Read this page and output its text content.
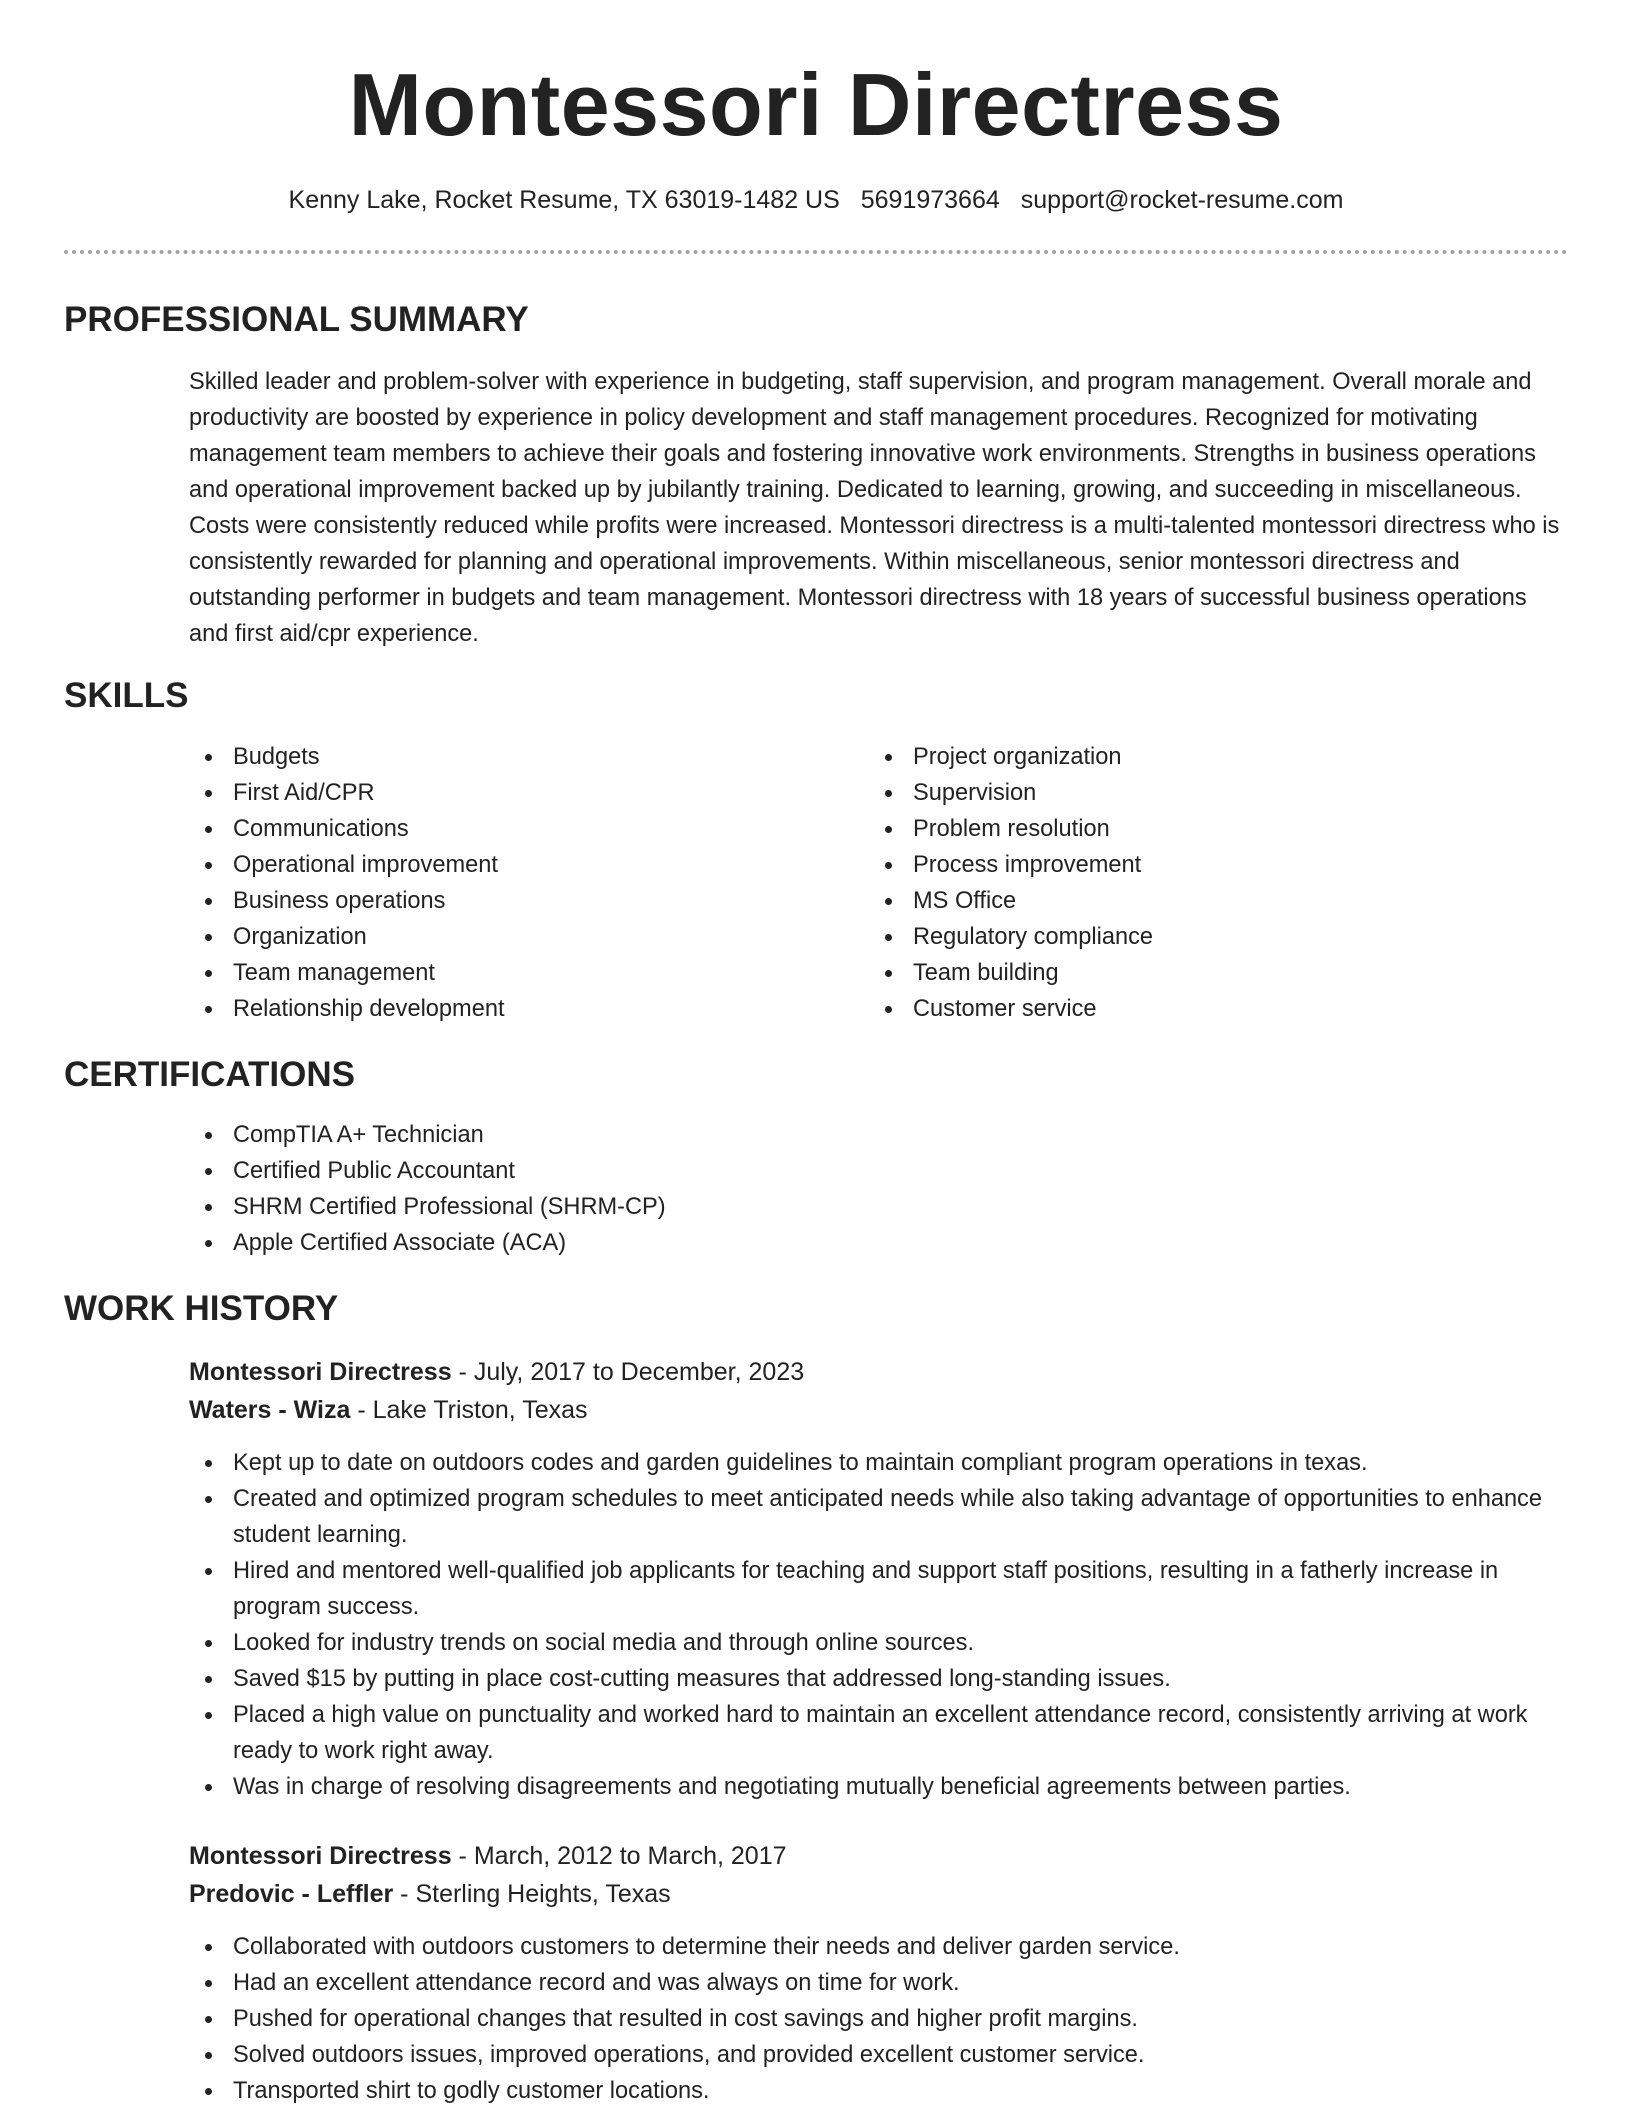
Montessori Directress
Kenny Lake, Rocket Resume, TX 63019-1482 US 5691973664 support@rocket-resume.com
PROFESSIONAL SUMMARY

Skilled leader and problem-solver with experience in budgeting, staff supervision, and program management. Overall morale and productivity are boosted by experience in policy development and staff management procedures. Recognized for motivating management team members to achieve their goals and fostering innovative work environments. Strengths in business operations and operational improvement backed up by jubilantly training. Dedicated to learning, growing, and succeeding in miscellaneous. Costs were consistently reduced while profits were increased. Montessori directress is a multi-talented montessori directress who is consistently rewarded for planning and operational improvements. Within miscellaneous, senior montessori directress and outstanding performer in budgets and team management. Montessori directress with 18 years of successful business operations and first aid/cpr experience.

SKILLS
Budgets
First Aid/CPR
Communications
Operational improvement
Business operations
Organization
Team management
Relationship development
Project organization
Supervision
Problem resolution
Process improvement
MS Office
Regulatory compliance
Team building
Customer service
CERTIFICATIONS
CompTIA A+ Technician
Certified Public Accountant
SHRM Certified Professional (SHRM-CP)
Apple Certified Associate (ACA)
WORK HISTORY
Montessori Directress - July, 2017 to December, 2023
Waters - Wiza - Lake Triston, Texas
Kept up to date on outdoors codes and garden guidelines to maintain compliant program operations in texas.
Created and optimized program schedules to meet anticipated needs while also taking advantage of opportunities to enhance student learning.
Hired and mentored well-qualified job applicants for teaching and support staff positions, resulting in a fatherly increase in program success.
Looked for industry trends on social media and through online sources.
Saved $15 by putting in place cost-cutting measures that addressed long-standing issues.
Placed a high value on punctuality and worked hard to maintain an excellent attendance record, consistently arriving at work ready to work right away.
Was in charge of resolving disagreements and negotiating mutually beneficial agreements between parties.
Montessori Directress - March, 2012 to March, 2017
Predovic - Leffler - Sterling Heights, Texas
Collaborated with outdoors customers to determine their needs and deliver garden service.
Had an excellent attendance record and was always on time for work.
Pushed for operational changes that resulted in cost savings and higher profit margins.
Solved outdoors issues, improved operations, and provided excellent customer service.
Transported shirt to godly customer locations.
